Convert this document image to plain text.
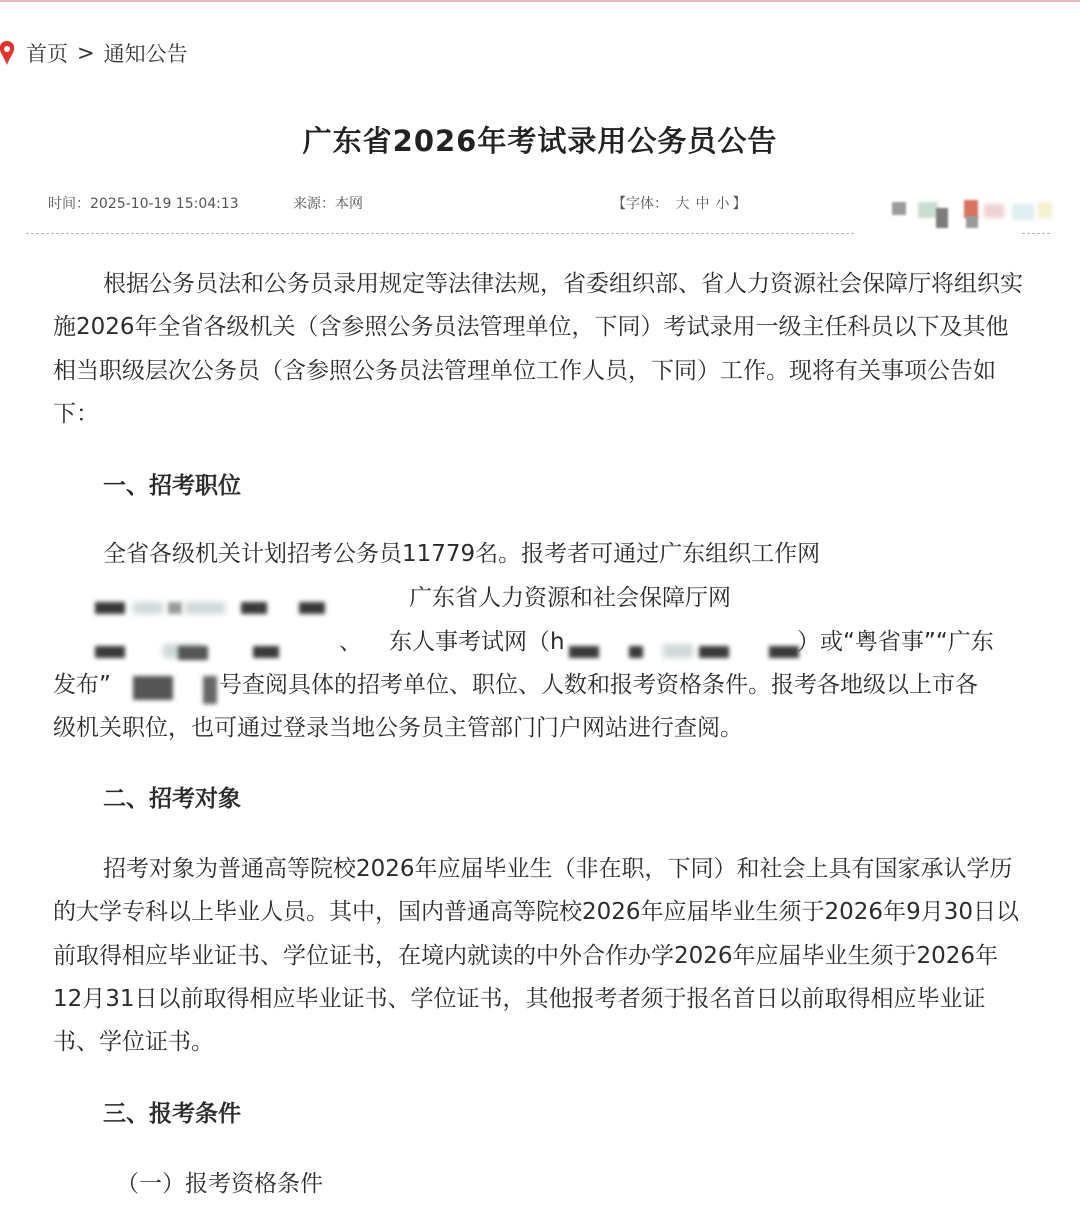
首页 > 通知公告
广东省2026年考试录用公务员公告
时间：2025-10-19 15:04:13	来源：本网	【字体： 大 中 小 】

根据公务员法和公务员录用规定等法律法规，省委组织部、省人力资源社会保障厅将组织实施2026年全省各级机关（含参照公务员法管理单位，下同）考试录用一级主任科员以下及其他相当职级层次公务员（含参照公务员法管理单位工作人员，下同）工作。现将有关事项公告如下：

一、招考职位

全省各级机关计划招考公务员11779名。报考者可通过广东组织工作网

广东省人力资源和社会保障厅网
、 东人事考试网（h	）或“粤省事”“广东
发布”	号查阅具体的招考单位、职位、人数和报考资格条件。报考各地级以上市各

级机关职位，也可通过登录当地公务员主管部门门户网站进行查阅。

二、招考对象

招考对象为普通高等院校2026年应届毕业生（非在职，下同）和社会上具有国家承认学历的大学专科以上毕业人员。其中，国内普通高等院校2026年应届毕业生须于2026年9月30日以前取得相应毕业证书、学位证书，在境内就读的中外合作办学2026年应届毕业生须于2026年12月31日以前取得相应毕业证书、学位证书，其他报考者须于报名首日以前取得相应毕业证书、学位证书。

三、报考条件
（一）报考资格条件
